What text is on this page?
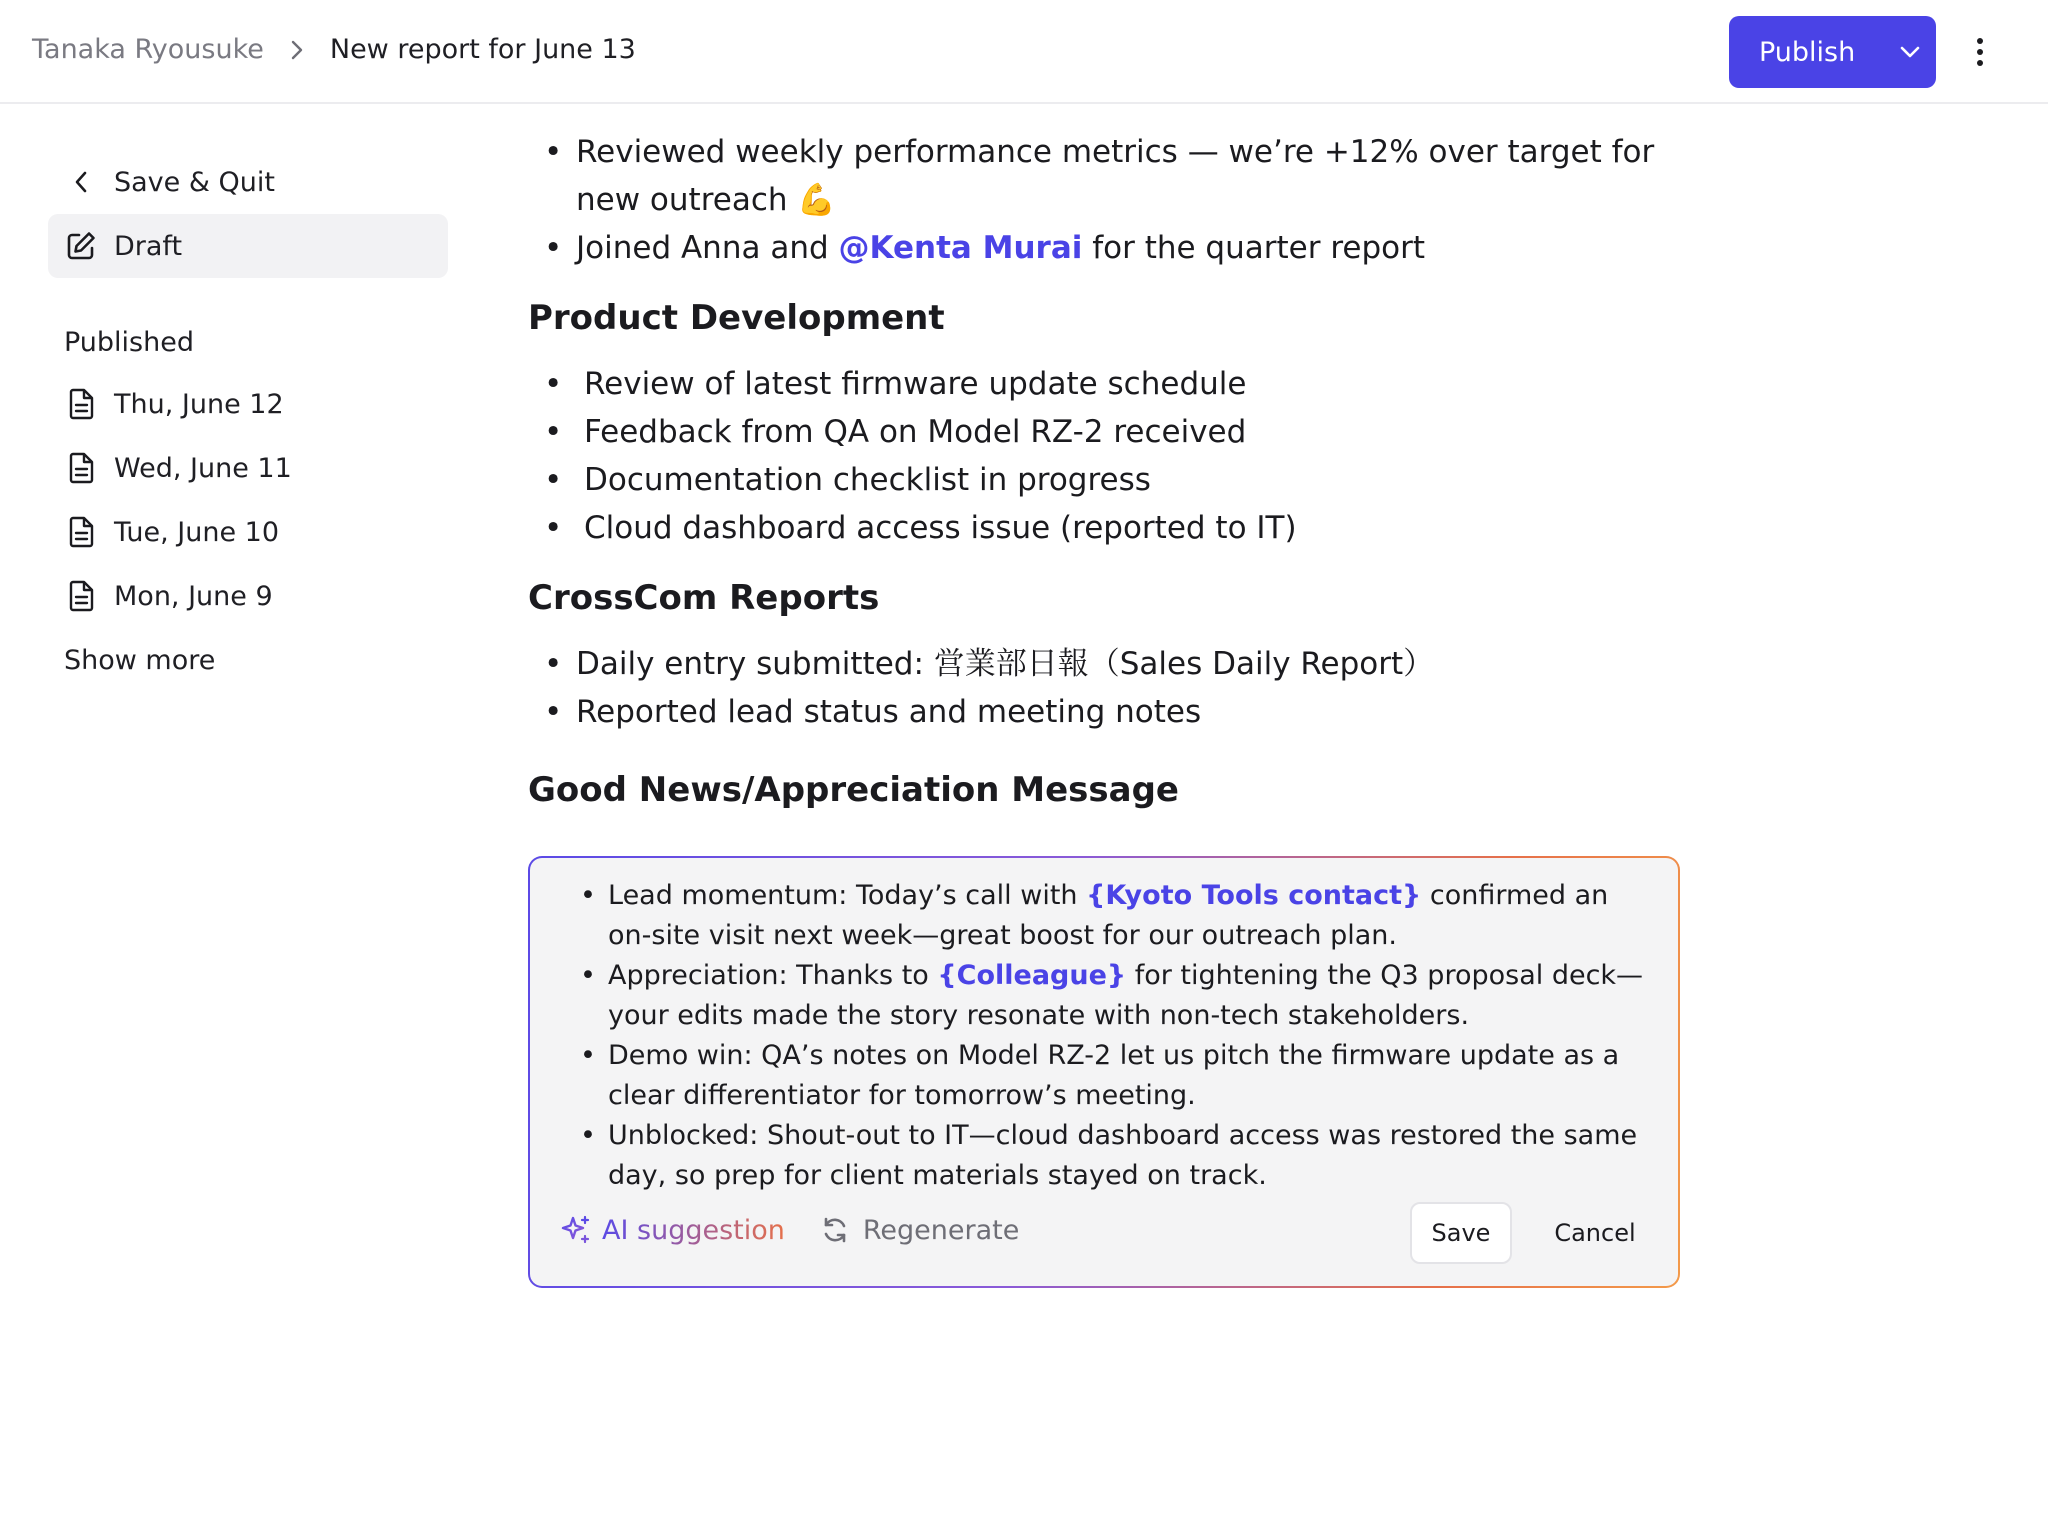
Tanaka Ryousuke New report for June 13	Publish
Save & Quit
Draft
Published
Thu, June 12
Wed, June 11
Tue, June 10
Mon, June 9
Show more
• Reviewed weekly performance metrics — we’re +12% over target for new outreach 💪
• Joined Anna and @Kenta Murai for the quarter report
Product Development
• Review of latest firmware update schedule
• Feedback from QA on Model RZ-2 received
• Documentation checklist in progress
• Cloud dashboard access issue (reported to IT)
CrossCom Reports
• Daily entry submitted: 営業部日報（Sales Daily Report）
• Reported lead status and meeting notes
Good News/Appreciation Message
• Lead momentum: Today’s call with {Kyoto Tools contact} confirmed an on-site visit next week—great boost for our outreach plan.
• Appreciation: Thanks to {Colleague} for tightening the Q3 proposal deck—your edits made the story resonate with non-tech stakeholders.
• Demo win: QA’s notes on Model RZ-2 let us pitch the firmware update as a clear differentiator for tomorrow’s meeting.
• Unblocked: Shout-out to IT—cloud dashboard access was restored the same day, so prep for client materials stayed on track.
AI suggestion	Regenerate	Save	Cancel
